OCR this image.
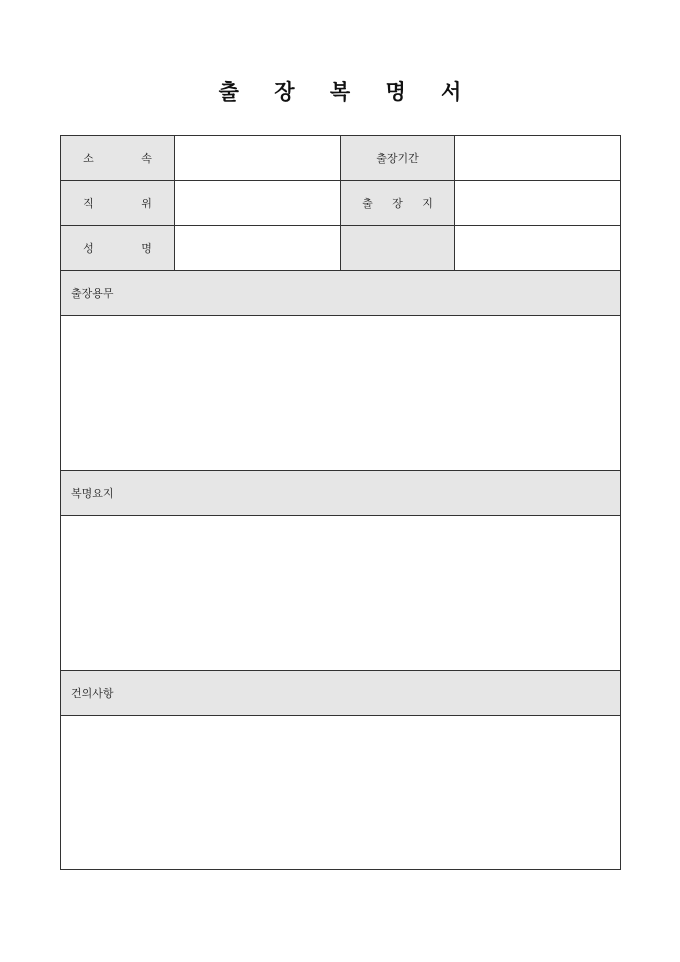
출 장 복 명 서
소 속		출장기간	
직 위		출 장 지	
성 명			
출장용무			

복명요지			

건의사항			
